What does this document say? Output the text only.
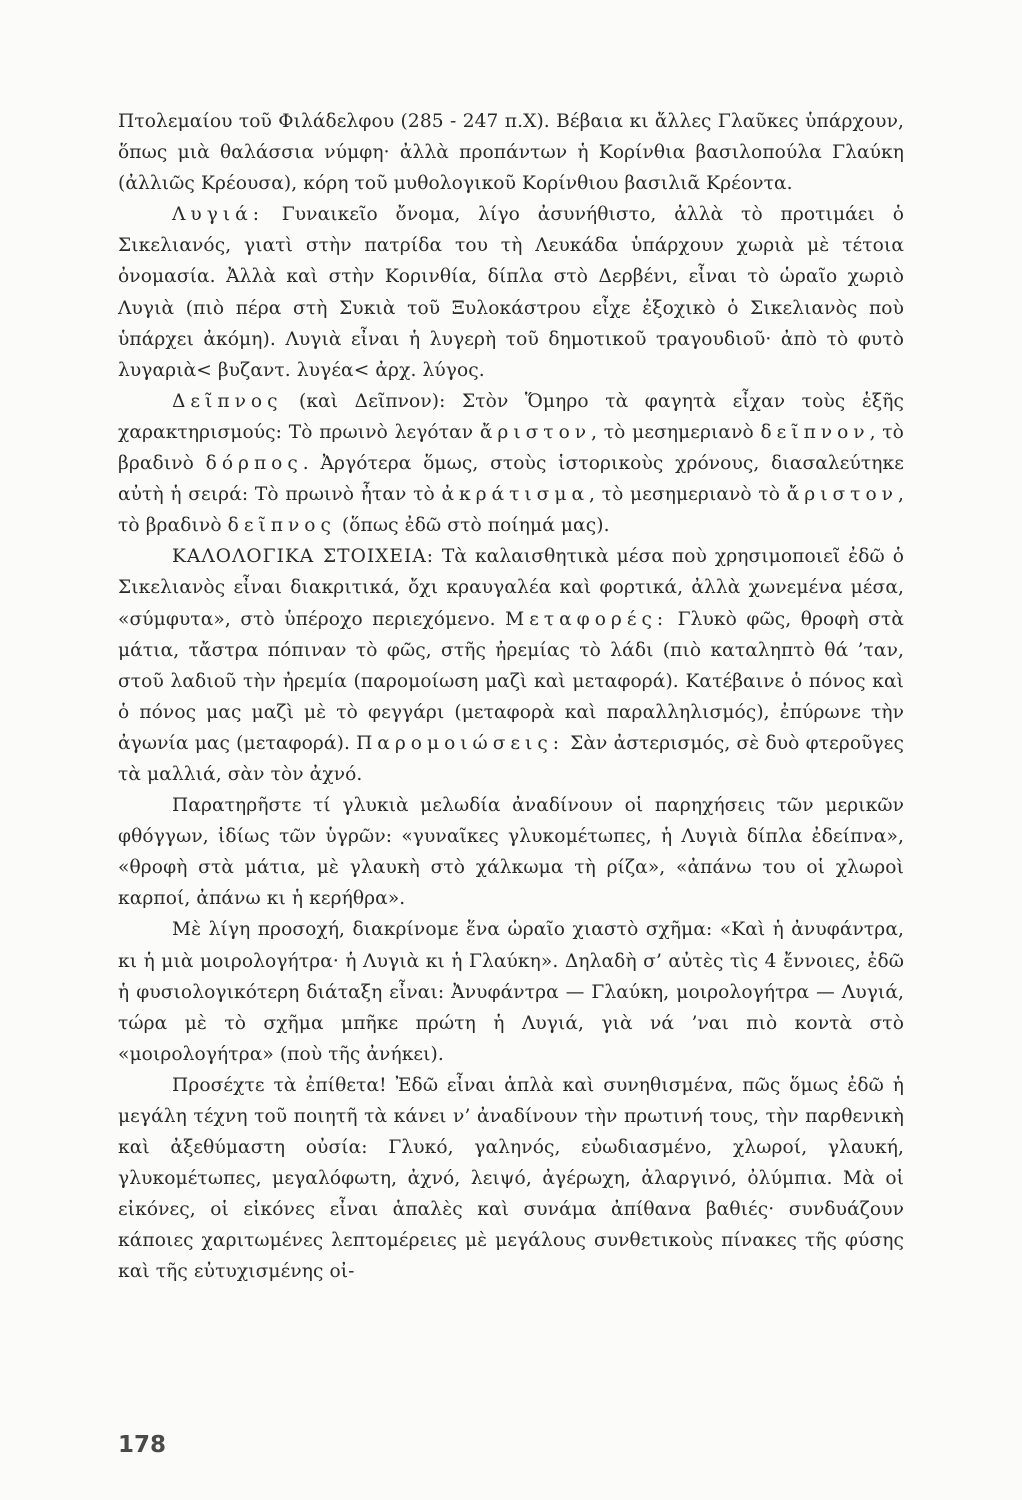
Πτολεμαίου τοῦ Φιλάδελφου (285 - 247 π.Χ). Βέβαια κι ἄλλες Γλαῦκες ὑπάρχουν, ὅπως μιὰ θαλάσσια νύμφη· ἀλλὰ προπάντων ἡ Κορίνθια βασιλοπούλα Γλαύκη (ἀλλιῶς Κρέουσα), κόρη τοῦ μυθολογικοῦ Κορίνθιου βασιλιᾶ Κρέοντα.

Λυγιά: Γυναικεῖο ὄνομα, λίγο ἀσυνήθιστο, ἀλλὰ τὸ προτιμάει ὁ Σικελιανός, γιατὶ στὴν πατρίδα του τὴ Λευκάδα ὑπάρχουν χωριὰ μὲ τέτοια ὀνομασία. Ἀλλὰ καὶ στὴν Κορινθία, δίπλα στὸ Δερβένι, εἶναι τὸ ὡραῖο χωριὸ Λυγιὰ (πιὸ πέρα στὴ Συκιὰ τοῦ Ξυλοκάστρου εἶχε ἐξοχικὸ ὁ Σικελιανὸς ποὺ ὑπάρχει ἀκόμη). Λυγιὰ εἶναι ἡ λυγερὴ τοῦ δημοτικοῦ τραγουδιοῦ· ἀπὸ τὸ φυτὸ λυγαριὰ< βυζαντ. λυγέα< ἀρχ. λύγος.

Δεῖπνος (καὶ Δεῖπνον): Στὸν Ὅμηρο τὰ φαγητὰ εἶχαν τοὺς ἑξῆς χαρακτηρισμούς: Τὸ πρωινὸ λεγόταν ἄριστον, τὸ μεσημεριανὸ δεῖπνον, τὸ βραδινὸ δόρπος. Ἀργότερα ὅμως, στοὺς ἱστορικοὺς χρόνους, διασαλεύτηκε αὐτὴ ἡ σειρά: Τὸ πρωινὸ ἦταν τὸ ἀκράτισμα, τὸ μεσημεριανὸ τὸ ἄριστον, τὸ βραδινὸ δεῖπνος (ὅπως ἐδῶ στὸ ποίημά μας).

ΚΑΛΟΛΟΓΙΚΑ ΣΤΟΙΧΕΙΑ: Τὰ καλαισθητικὰ μέσα ποὺ χρησιμοποιεῖ ἐδῶ ὁ Σικελιανὸς εἶναι διακριτικά, ὄχι κραυγαλέα καὶ φορτικά, ἀλλὰ χωνεμένα μέσα, «σύμφυτα», στὸ ὑπέροχο περιεχόμενο. Μεταφορές: Γλυκὸ φῶς, θροφὴ στὰ μάτια, τἄστρα πόπιναν τὸ φῶς, στῆς ἠρεμίας τὸ λάδι (πιὸ καταληπτὸ θά ’ταν, στοῦ λαδιοῦ τὴν ἠρεμία (παρομοίωση μαζὶ καὶ μεταφορά). Κατέβαινε ὁ πόνος καὶ ὁ πόνος μας μαζὶ μὲ τὸ φεγγάρι (μεταφορὰ καὶ παραλληλισμός), ἐπύρωνε τὴν ἀγωνία μας (μεταφορά). Παρομοιώσεις: Σὰν ἀστερισμός, σὲ δυὸ φτεροῦγες τὰ μαλλιά, σὰν τὸν ἀχνό.

Παρατηρῆστε τί γλυκιὰ μελωδία ἀναδίνουν οἱ παρηχήσεις τῶν μερικῶν φθόγγων, ἰδίως τῶν ὑγρῶν: «γυναῖκες γλυκομέτωπες, ἡ Λυγιὰ δίπλα ἐδείπνα», «θροφὴ στὰ μάτια, μὲ γλαυκὴ στὸ χάλκωμα τὴ ρίζα», «ἀπάνω του οἱ χλωροὶ καρποί, ἀπάνω κι ἡ κερήθρα».

Μὲ λίγη προσοχή, διακρίνομε ἕνα ὡραῖο χιαστὸ σχῆμα: «Καὶ ἡ ἀνυφάντρα, κι ἡ μιὰ μοιρολογήτρα· ἡ Λυγιὰ κι ἡ Γλαύκη». Δηλαδὴ σ’ αὐτὲς τὶς 4 ἔννοιες, ἐδῶ ἡ φυσιολογικότερη διάταξη εἶναι: Ἀνυφάντρα — Γλαύκη, μοιρολογήτρα — Λυγιά, τώρα μὲ τὸ σχῆμα μπῆκε πρώτη ἡ Λυγιά, γιὰ νά ’ναι πιὸ κοντὰ στὸ «μοιρολογήτρα» (ποὺ τῆς ἀνήκει).

Προσέχτε τὰ ἐπίθετα! Ἐδῶ εἶναι ἁπλὰ καὶ συνηθισμένα, πῶς ὅμως ἐδῶ ἡ μεγάλη τέχνη τοῦ ποιητῆ τὰ κάνει ν’ ἀναδίνουν τὴν πρωτινή τους, τὴν παρθενικὴ καὶ ἀξεθύμαστη οὐσία: Γλυκό, γαληνός, εὐωδιασμένο, χλωροί, γλαυκή, γλυκομέτωπες, μεγαλόφωτη, ἀχνό, λειψό, ἀγέρωχη, ἀλαργινό, ὀλύμπια. Μὰ οἱ εἰκόνες, οἱ εἰκόνες εἶναι ἁπαλὲς καὶ συνάμα ἀπίθανα βαθιές· συνδυάζουν κάποιες χαριτωμένες λεπτομέρειες μὲ μεγάλους συνθετικοὺς πίνακες τῆς φύσης καὶ τῆς εὐτυχισμένης οἰ-

178
